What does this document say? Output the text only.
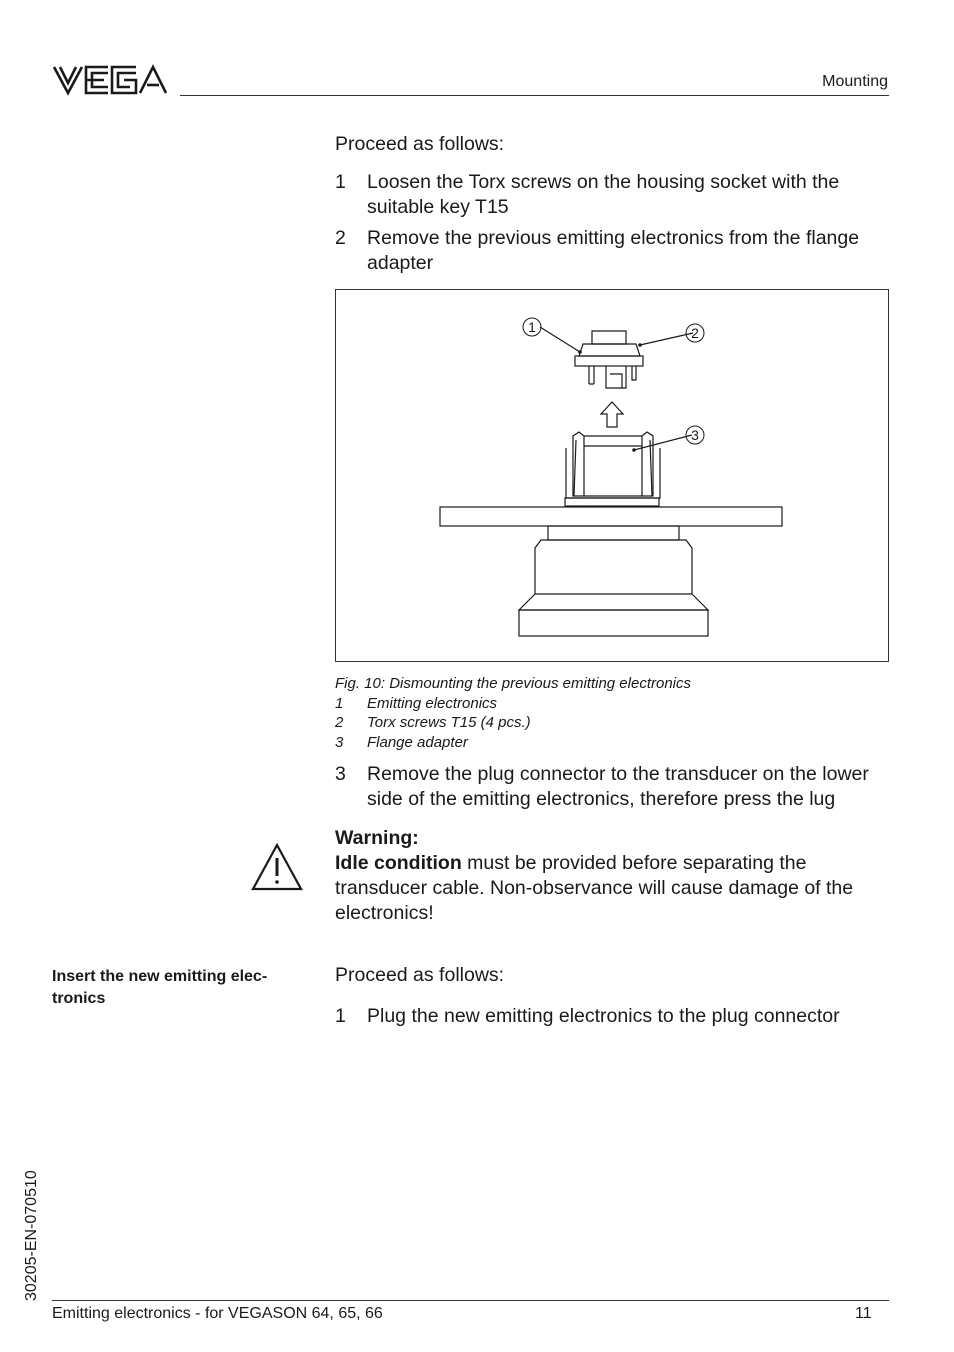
Mounting
Proceed as follows:
1	Loosen the Torx screws on the housing socket with the suitable key T15
2	Remove the previous emitting electronics from the flange adapter
1	2
3
Fig. 10: Dismounting the previous emitting electronics
1	Emitting electronics
2	Torx screws T15 (4 pcs.)
3	Flange adapter
3	Remove the plug connector to the transducer on the lower side of the emitting electronics, therefore press the lug
Warning:
Idle condition must be provided before separating the transducer cable. Non-observance will cause damage of the electronics!
Insert the new emitting elec-tronics
Proceed as follows:
1	Plug the new emitting electronics to the plug connector
30205-EN-070510
Emitting electronics - for VEGASON 64, 65, 66	11
